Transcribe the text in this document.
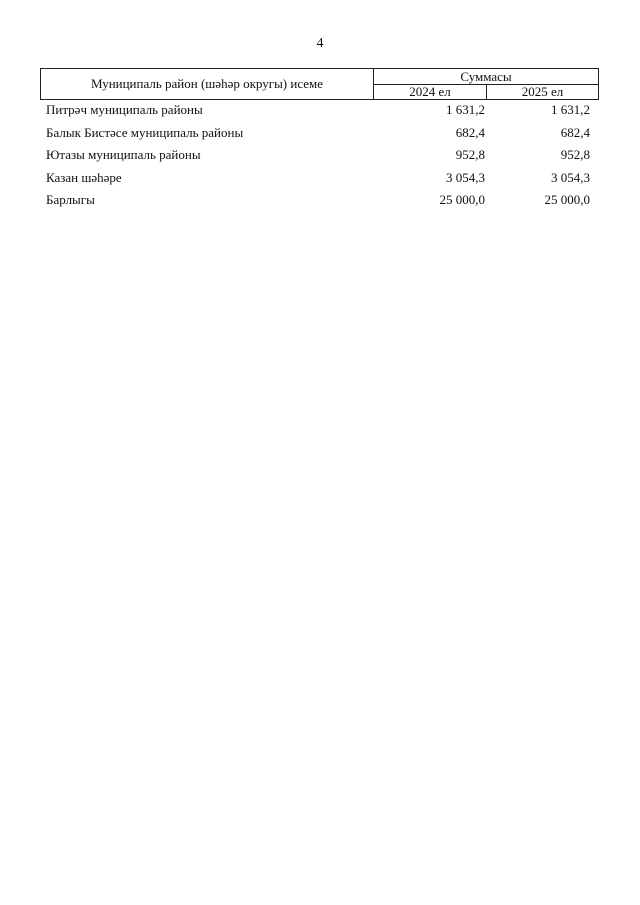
4
Муниципаль район (шәһәр округы) исеме	Суммасы	
	2024 ел	2025 ел
Питрәч муниципаль районы	1 631,2	1 631,2
Балык Бистәсе муниципаль районы	682,4	682,4
Ютазы муниципаль районы	952,8	952,8
Казан шәһәре	3 054,3	3 054,3
Барлыгы	25 000,0	25 000,0
